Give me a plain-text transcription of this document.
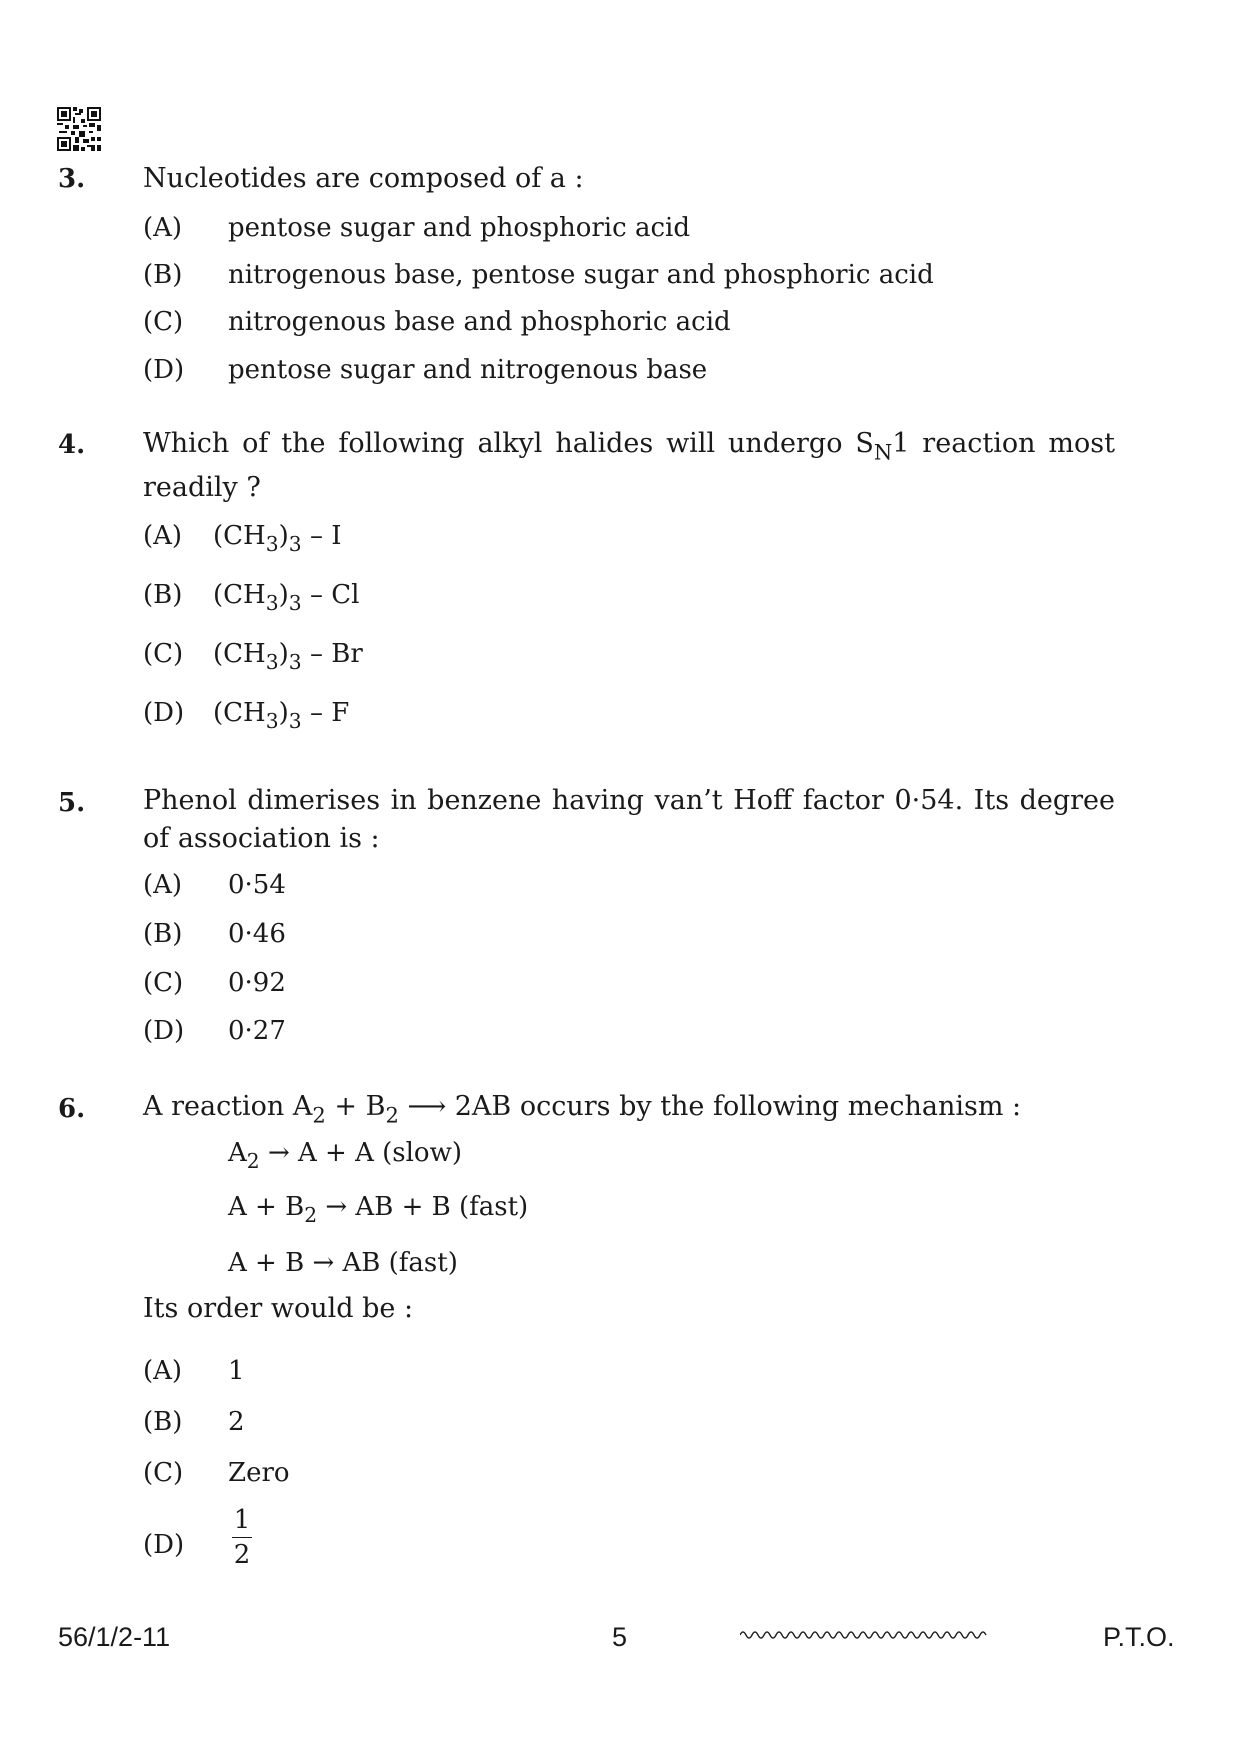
3. Nucleotides are composed of a :
(A) pentose sugar and phosphoric acid
(B) nitrogenous base, pentose sugar and phosphoric acid
(C) nitrogenous base and phosphoric acid
(D) pentose sugar and nitrogenous base
4. Which of the following alkyl halides will undergo $S_N1$ reaction most readily ?
(A) $(CH_3)_3$ – I
(B) $(CH_3)_3$ – Cl
(C) $(CH_3)_3$ – Br
(D) $(CH_3)_3$ – F
5. Phenol dimerises in benzene having van’t Hoff factor 0·54. Its degree of association is :
(A) 0·54
(B) 0·46
(C) 0·92
(D) 0·27
6. A reaction $A_2 + B_2$ ⟶ 2AB occurs by the following mechanism :
$A_2 \to A + A$ (slow)
$A + B_2$ → AB + B (fast)
A + B → AB (fast)
Its order would be :
(A) 1
(B) 2
(C) Zero
(D)
1
2
56/1/2-11	5	P.T.O.
